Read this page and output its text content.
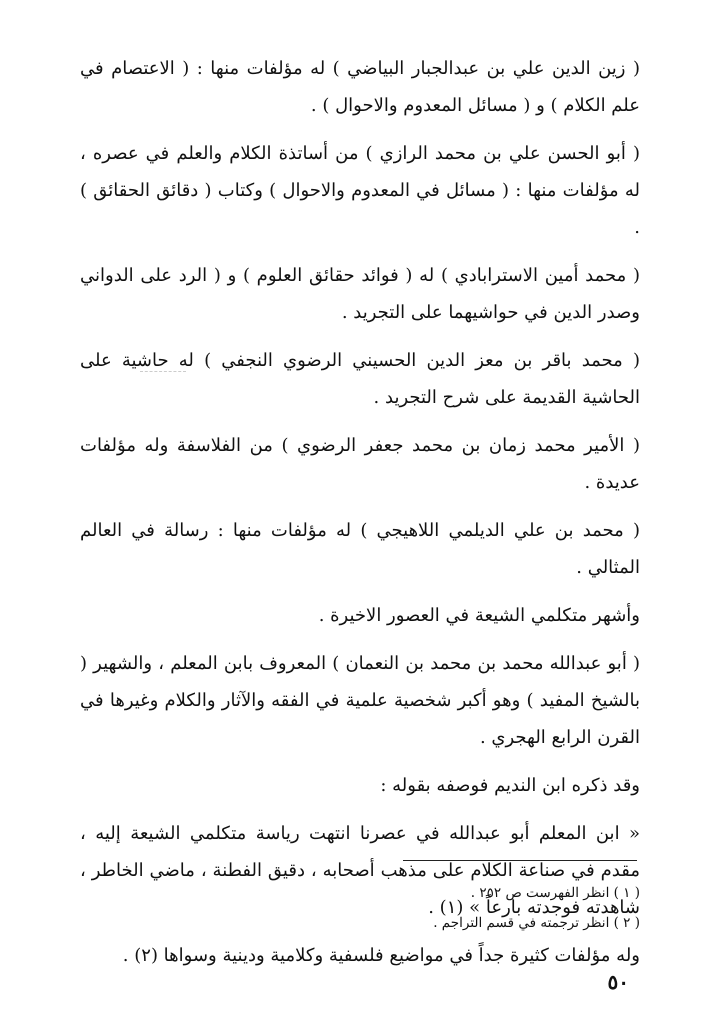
( زين الدين علي بن عبدالجبار البياضي ) له مؤلفات منها : ( الاعتصام في علم الكلام ) و ( مسائل المعدوم والاحوال ) .

( أبو الحسن علي بن محمد الرازي ) من أساتذة الكلام والعلم في عصره ، له مؤلفات منها : ( مسائل في المعدوم والاحوال ) وكتاب ( دقائق الحقائق ) .

( محمد أمين الاسترابادي ) له ( فوائد حقائق العلوم ) و ( الرد على الدواني وصدر الدين في حواشيهما على التجريد .

( محمد باقر بن معز الدين الحسيني الرضوي النجفي ) له حاشية على الحاشية القديمة على شرح التجريد .

( الأمير محمد زمان بن محمد جعفر الرضوي ) من الفلاسفة وله مؤلفات عديدة .

( محمد بن علي الديلمي اللاهيجي ) له مؤلفات منها : رسالة في العالم المثالي .

وأشهر متكلمي الشيعة في العصور الاخيرة .

( أبو عبدالله محمد بن محمد بن النعمان ) المعروف بابن المعلم ، والشهير ( بالشيخ المفيد ) وهو أكبر شخصية علمية في الفقه والآثار والكلام وغيرها في القرن الرابع الهجري .

وقد ذكره ابن النديم فوصفه بقوله :

« ابن المعلم أبو عبدالله في عصرنا انتهت رياسة متكلمي الشيعة إليه ، مقدم في صناعة الكلام على مذهب أصحابه ، دقيق الفطنة ، ماضي الخاطر ، شاهدته فوجدته بارعاً » (١) .

وله مؤلفات كثيرة جداً في مواضيع فلسفية وكلامية ودينية وسواها (٢) .

( ١ ) انظر الفهرست ص ٢٥٢ .

( ٢ ) انظر ترجمته في قسم التراجم .

٥٠
